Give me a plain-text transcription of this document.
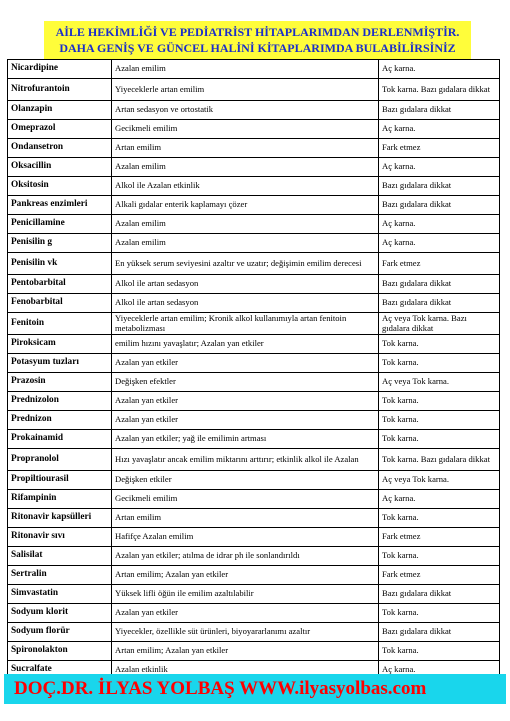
AİLE HEKİMLİĞİ VE PEDİATRİST HİTAPLARIMDAN DERLENMİŞTİR.
DAHA GENİŞ VE GÜNCEL HALİNİ KİTAPLARIMDA BULABİLİRSİNİZ
Nicardipine	Azalan emilim	Aç karna.
Nitrofurantoin	Yiyeceklerle artan emilim	Tok karna. Bazı gıdalara dikkat
Olanzapin	Artan sedasyon ve ortostatik	Bazı gıdalara dikkat
Omeprazol	Gecikmeli emilim	Aç karna.
Ondansetron	Artan emilim	Fark etmez
Oksacillin	Azalan emilim	Aç karna.
Oksitosin	Alkol ile Azalan etkinlik	Bazı gıdalara dikkat
Pankreas enzimleri	Alkali gıdalar enterik kaplamayı çözer	Bazı gıdalara dikkat
Penicillamine	Azalan emilim	Aç karna.
Penisilin g	Azalan emilim	Aç karna.
Penisilin vk	En yüksek serum seviyesini azaltır ve uzatır; değişimin emilim derecesi	Fark etmez
Pentobarbital	Alkol ile artan sedasyon	Bazı gıdalara dikkat
Fenobarbital	Alkol ile artan sedasyon	Bazı gıdalara dikkat
Fenitoin	Yiyeceklerle artan emilim; Kronik alkol kullanımıyla artan fenitoin metabolizması	Aç veya Tok karna. Bazı gıdalara dikkat
Piroksicam	emilim hızını yavaşlatır; Azalan yan etkiler	Tok karna.
Potasyum tuzları	Azalan yan etkiler	Tok karna.
Prazosin	Değişken efektler	Aç veya Tok karna.
Prednizolon	Azalan yan etkiler	Tok karna.
Prednizon	Azalan yan etkiler	Tok karna.
Prokainamid	Azalan yan etkiler; yağ ile emilimin artması	Tok karna.
Propranolol	Hızı yavaşlatır ancak emilim miktarını arttırır; etkinlik alkol ile Azalan	Tok karna. Bazı gıdalara dikkat
Propiltiourasil	Değişken etkiler	Aç veya Tok karna.
Rifampinin	Gecikmeli emilim	Aç karna.
Ritonavir kapsülleri	Artan emilim	Tok karna.
Ritonavir sıvı	Hafifçe Azalan emilim	Fark etmez
Salisilat	Azalan yan etkiler; atılma de idrar ph ile sonlandırıldı	Tok karna.
Sertralin	Artan emilim; Azalan yan etkiler	Fark etmez
Simvastatin	Yüksek lifli öğün ile emilim azaltılabilir	Bazı gıdalara dikkat
Sodyum klorit	Azalan yan etkiler	Tok karna.
Sodyum florür	Yiyecekler, özellikle süt ürünleri, biyoyararlanımı azaltır	Bazı gıdalara dikkat
Spironolakton	Artan emilim; Azalan yan etkiler	Tok karna.
Sucralfate	Azalan etkinlik	Aç karna.
DOÇ.DR. İLYAS YOLBAŞ WWW.ilyasyolbas.com
